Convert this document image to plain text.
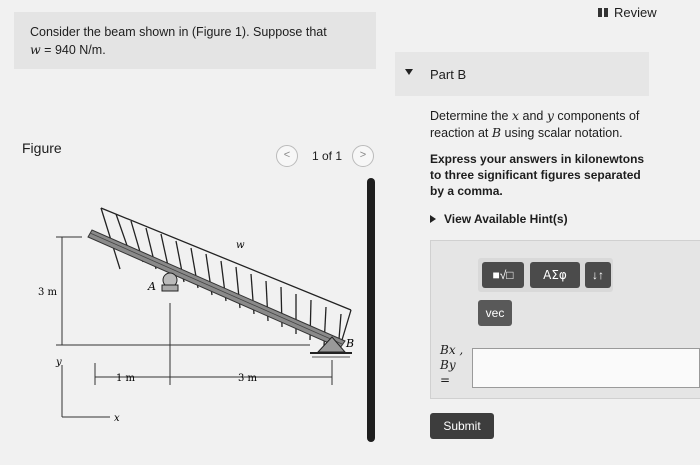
Consider the beam shown in (Figure 1). Suppose that
w = 940 N/m.
Review
Part B
Figure	<	1 of 1	>
w
A
B
3 m
1 m	3 m
y
x
Determine the x and y components of
reaction at B using scalar notation.
Express your answers in kilonewtons to three significant figures separated by a comma.
View Available Hint(s)
■√□	ΑΣφ	↓↑
vec
Bx ,
By
=
Submit
